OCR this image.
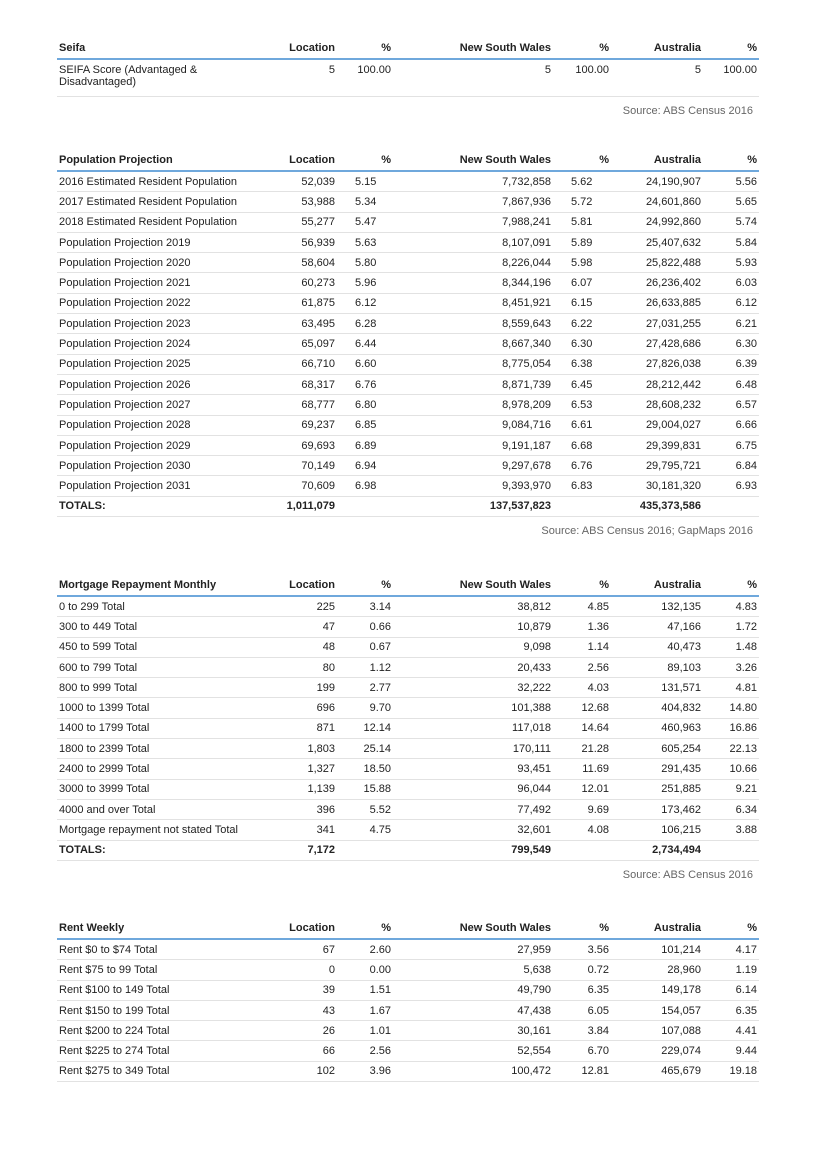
Seifa	Location	%	New South Wales	%	Australia	%
SEIFA Score (Advantaged & Disadvantaged)	5	100.00	5	100.00	5	100.00
Source: ABS Census 2016
Population Projection	Location	%	New South Wales	%	Australia	%
2016 Estimated Resident Population	52,039	5.15	7,732,858	5.62	24,190,907	5.56
2017 Estimated Resident Population	53,988	5.34	7,867,936	5.72	24,601,860	5.65
2018 Estimated Resident Population	55,277	5.47	7,988,241	5.81	24,992,860	5.74
Population Projection 2019	56,939	5.63	8,107,091	5.89	25,407,632	5.84
Population Projection 2020	58,604	5.80	8,226,044	5.98	25,822,488	5.93
Population Projection 2021	60,273	5.96	8,344,196	6.07	26,236,402	6.03
Population Projection 2022	61,875	6.12	8,451,921	6.15	26,633,885	6.12
Population Projection 2023	63,495	6.28	8,559,643	6.22	27,031,255	6.21
Population Projection 2024	65,097	6.44	8,667,340	6.30	27,428,686	6.30
Population Projection 2025	66,710	6.60	8,775,054	6.38	27,826,038	6.39
Population Projection 2026	68,317	6.76	8,871,739	6.45	28,212,442	6.48
Population Projection 2027	68,777	6.80	8,978,209	6.53	28,608,232	6.57
Population Projection 2028	69,237	6.85	9,084,716	6.61	29,004,027	6.66
Population Projection 2029	69,693	6.89	9,191,187	6.68	29,399,831	6.75
Population Projection 2030	70,149	6.94	9,297,678	6.76	29,795,721	6.84
Population Projection 2031	70,609	6.98	9,393,970	6.83	30,181,320	6.93
TOTALS:	1,011,079		137,537,823		435,373,586	
Source: ABS Census 2016; GapMaps 2016
Mortgage Repayment Monthly	Location	%	New South Wales	%	Australia	%
0 to 299 Total	225	3.14	38,812	4.85	132,135	4.83
300 to 449 Total	47	0.66	10,879	1.36	47,166	1.72
450 to 599 Total	48	0.67	9,098	1.14	40,473	1.48
600 to 799 Total	80	1.12	20,433	2.56	89,103	3.26
800 to 999 Total	199	2.77	32,222	4.03	131,571	4.81
1000 to 1399 Total	696	9.70	101,388	12.68	404,832	14.80
1400 to 1799 Total	871	12.14	117,018	14.64	460,963	16.86
1800 to 2399 Total	1,803	25.14	170,111	21.28	605,254	22.13
2400 to 2999 Total	1,327	18.50	93,451	11.69	291,435	10.66
3000 to 3999 Total	1,139	15.88	96,044	12.01	251,885	9.21
4000 and over Total	396	5.52	77,492	9.69	173,462	6.34
Mortgage repayment not stated Total	341	4.75	32,601	4.08	106,215	3.88
TOTALS:	7,172		799,549		2,734,494	
Source: ABS Census 2016
Rent Weekly	Location	%	New South Wales	%	Australia	%
Rent $0 to $74 Total	67	2.60	27,959	3.56	101,214	4.17
Rent $75 to 99 Total	0	0.00	5,638	0.72	28,960	1.19
Rent $100 to 149 Total	39	1.51	49,790	6.35	149,178	6.14
Rent $150 to 199 Total	43	1.67	47,438	6.05	154,057	6.35
Rent $200 to 224 Total	26	1.01	30,161	3.84	107,088	4.41
Rent $225 to 274 Total	66	2.56	52,554	6.70	229,074	9.44
Rent $275 to 349 Total	102	3.96	100,472	12.81	465,679	19.18
